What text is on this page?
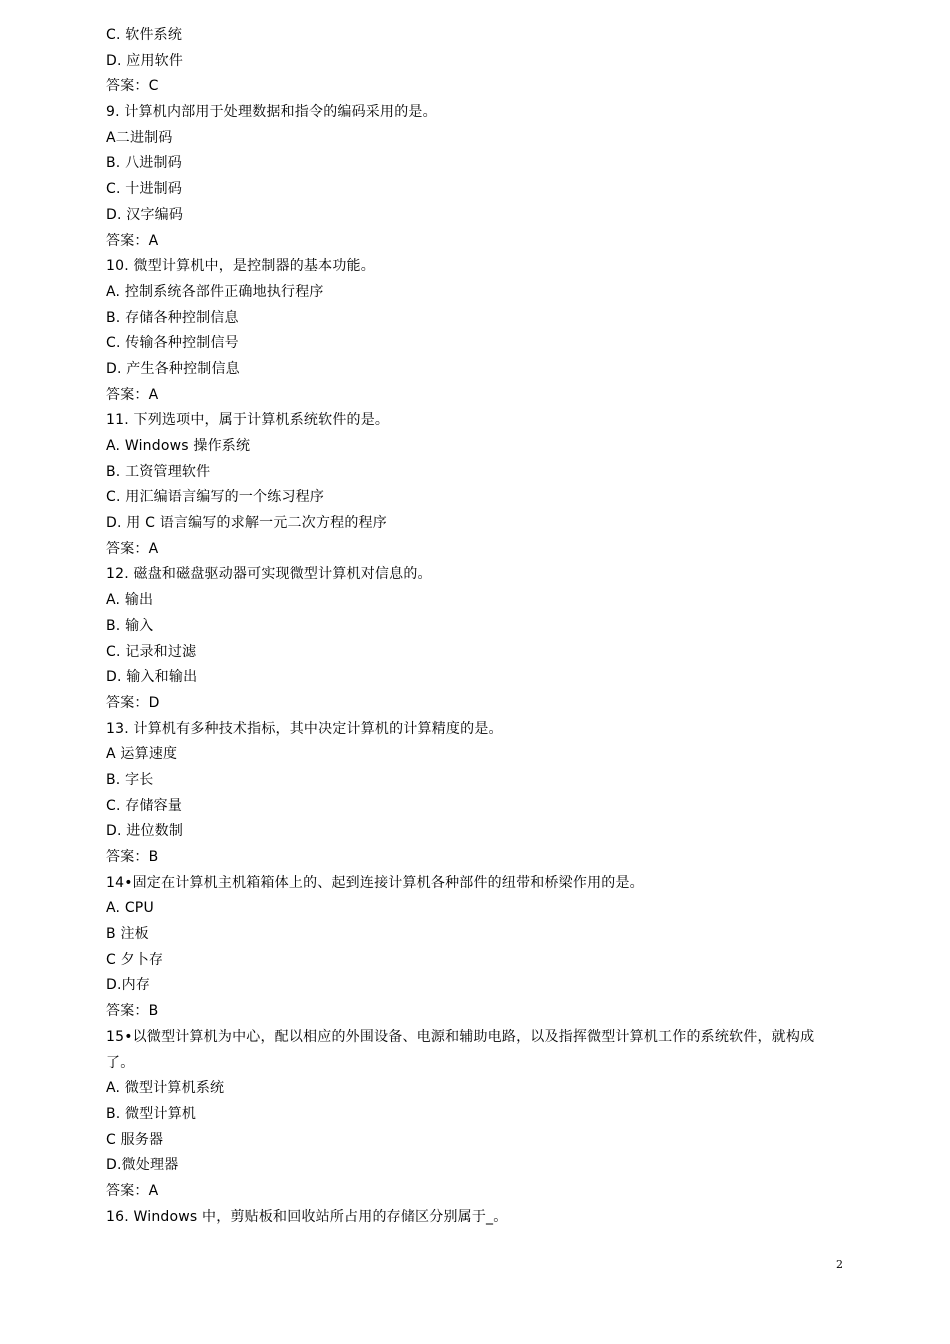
C. 软件系统
D. 应用软件
答案：C
9. 计算机内部用于处理数据和指令的编码采用的是。
A二进制码
B. 八进制码
C. 十进制码
D. 汉字编码
答案：A
10. 微型计算机中，是控制器的基本功能。
A. 控制系统各部件正确地执行程序
B. 存储各种控制信息
C. 传输各种控制信号
D. 产生各种控制信息
答案：A
11. 下列选项中，属于计算机系统软件的是。
A. Windows 操作系统
B. 工资管理软件
C. 用汇编语言编写的一个练习程序
D. 用 C 语言编写的求解一元二次方程的程序
答案：A
12. 磁盘和磁盘驱动器可实现微型计算机对信息的。
A. 输出
B. 输入
C. 记录和过滤
D. 输入和输出
答案：D
13. 计算机有多种技术指标，其中决定计算机的计算精度的是。
A 运算速度
B. 字长
C. 存储容量
D. 进位数制
答案：B
14•固定在计算机主机箱箱体上的、起到连接计算机各种部件的纽带和桥梁作用的是。
A. CPU
B 注板
C 夕卜存
D.内存
答案：B
15•以微型计算机为中心，配以相应的外围设备、电源和辅助电路，以及指挥微型计算机工作的系统软件，就构成了。
A. 微型计算机系统
B. 微型计算机
C 服务器
D.微处理器
答案：A
16. Windows 中，剪贴板和回收站所占用的存储区分别属于_。
2
